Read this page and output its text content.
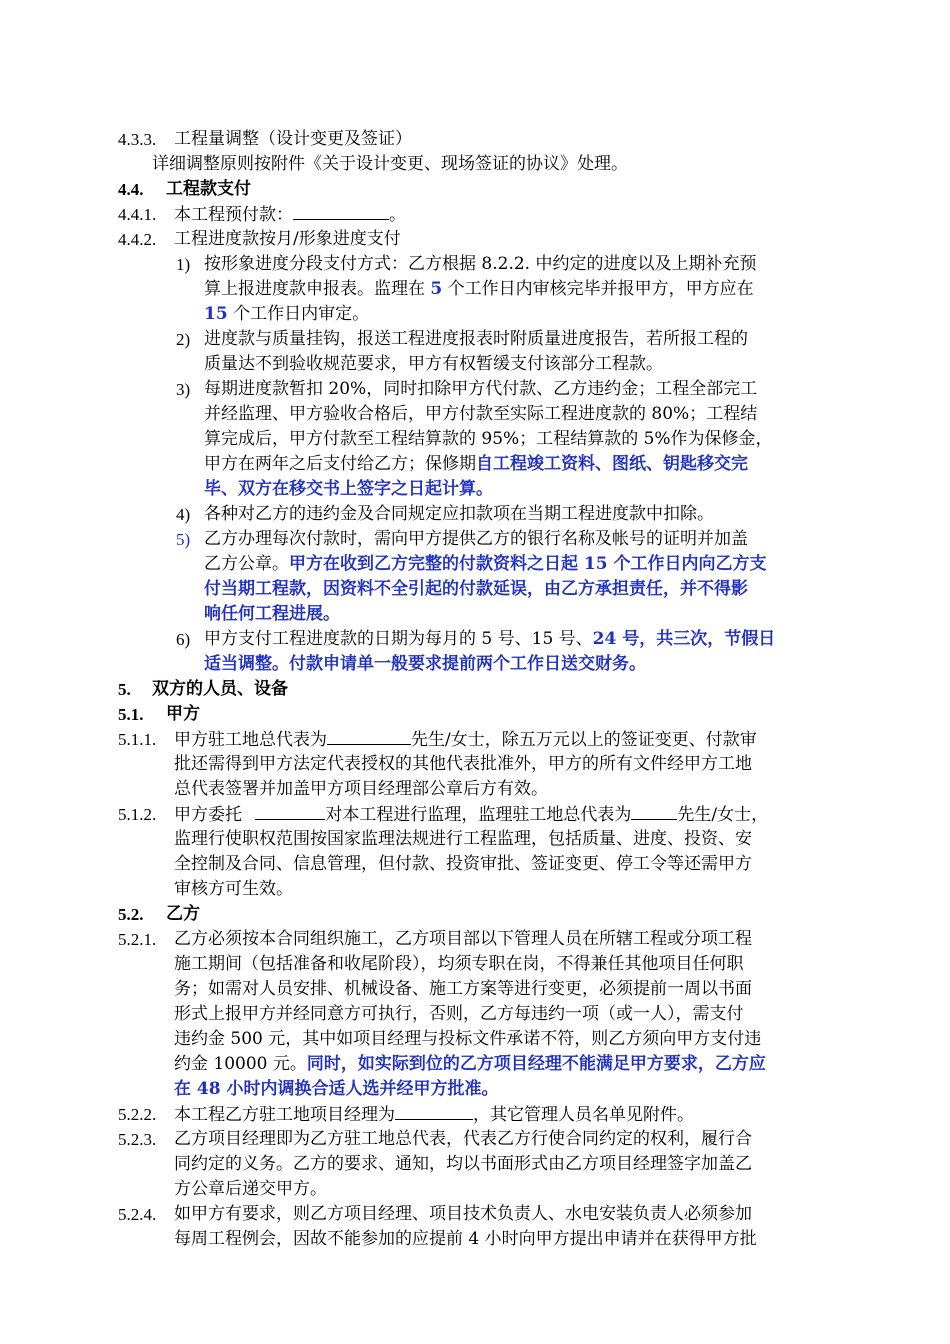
4.3.3. 工程量调整（设计变更及签证）
详细调整原则按附件《关于设计变更、现场签证的协议》处理。
4.4. 工程款支付
4.4.1. 本工程预付款：	。
4.4.2. 工程进度款按月/形象进度支付
1) 按形象进度分段支付方式：乙方根据 8.2.2. 中约定的进度以及上期补充预
算上报进度款申报表。监理在 5 个工作日内审核完毕并报甲方，甲方应在
15 个工作日内审定。
2) 进度款与质量挂钩，报送工程进度报表时附质量进度报告，若所报工程的
质量达不到验收规范要求，甲方有权暂缓支付该部分工程款。
3) 每期进度款暂扣 20%，同时扣除甲方代付款、乙方违约金；工程全部完工
并经监理、甲方验收合格后，甲方付款至实际工程进度款的 80%；工程结
算完成后，甲方付款至工程结算款的 95%；工程结算款的 5%作为保修金，
甲方在两年之后支付给乙方；保修期自工程竣工资料、图纸、钥匙移交完
毕、双方在移交书上签字之日起计算。
4) 各种对乙方的违约金及合同规定应扣款项在当期工程进度款中扣除。
5) 乙方办理每次付款时，需向甲方提供乙方的银行名称及帐号的证明并加盖
乙方公章。甲方在收到乙方完整的付款资料之日起 15 个工作日内向乙方支
付当期工程款，因资料不全引起的付款延误，由乙方承担责任，并不得影
响任何工程进展。
6) 甲方支付工程进度款的日期为每月的 5 号、15 号、24 号，共三次，节假日
适当调整。付款申请单一般要求提前两个工作日送交财务。
5. 双方的人员、设备
5.1. 甲方
5.1.1. 甲方驻工地总代表为	先生/女士，除五万元以上的签证变更、付款审
批还需得到甲方法定代表授权的其他代表批准外，甲方的所有文件经甲方工地
总代表签署并加盖甲方项目经理部公章后方有效。
5.1.2. 甲方委托	对本工程进行监理，监理驻工地总代表为	先生/女士，
监理行使职权范围按国家监理法规进行工程监理，包括质量、进度、投资、安
全控制及合同、信息管理，但付款、投资审批、签证变更、停工令等还需甲方
审核方可生效。
5.2. 乙方
5.2.1. 乙方必须按本合同组织施工，乙方项目部以下管理人员在所辖工程或分项工程
施工期间（包括准备和收尾阶段），均须专职在岗，不得兼任其他项目任何职
务；如需对人员安排、机械设备、施工方案等进行变更，必须提前一周以书面
形式上报甲方并经同意方可执行，否则，乙方每违约一项（或一人），需支付
违约金 500 元，其中如项目经理与投标文件承诺不符，则乙方须向甲方支付违
约金 10000 元。同时，如实际到位的乙方项目经理不能满足甲方要求，乙方应
在 48 小时内调换合适人选并经甲方批准。
5.2.2. 本工程乙方驻工地项目经理为	，其它管理人员名单见附件。
5.2.3. 乙方项目经理即为乙方驻工地总代表，代表乙方行使合同约定的权利，履行合
同约定的义务。乙方的要求、通知，均以书面形式由乙方项目经理签字加盖乙
方公章后递交甲方。
5.2.4. 如甲方有要求，则乙方项目经理、项目技术负责人、水电安装负责人必须参加
每周工程例会，因故不能参加的应提前 4 小时向甲方提出申请并在获得甲方批
